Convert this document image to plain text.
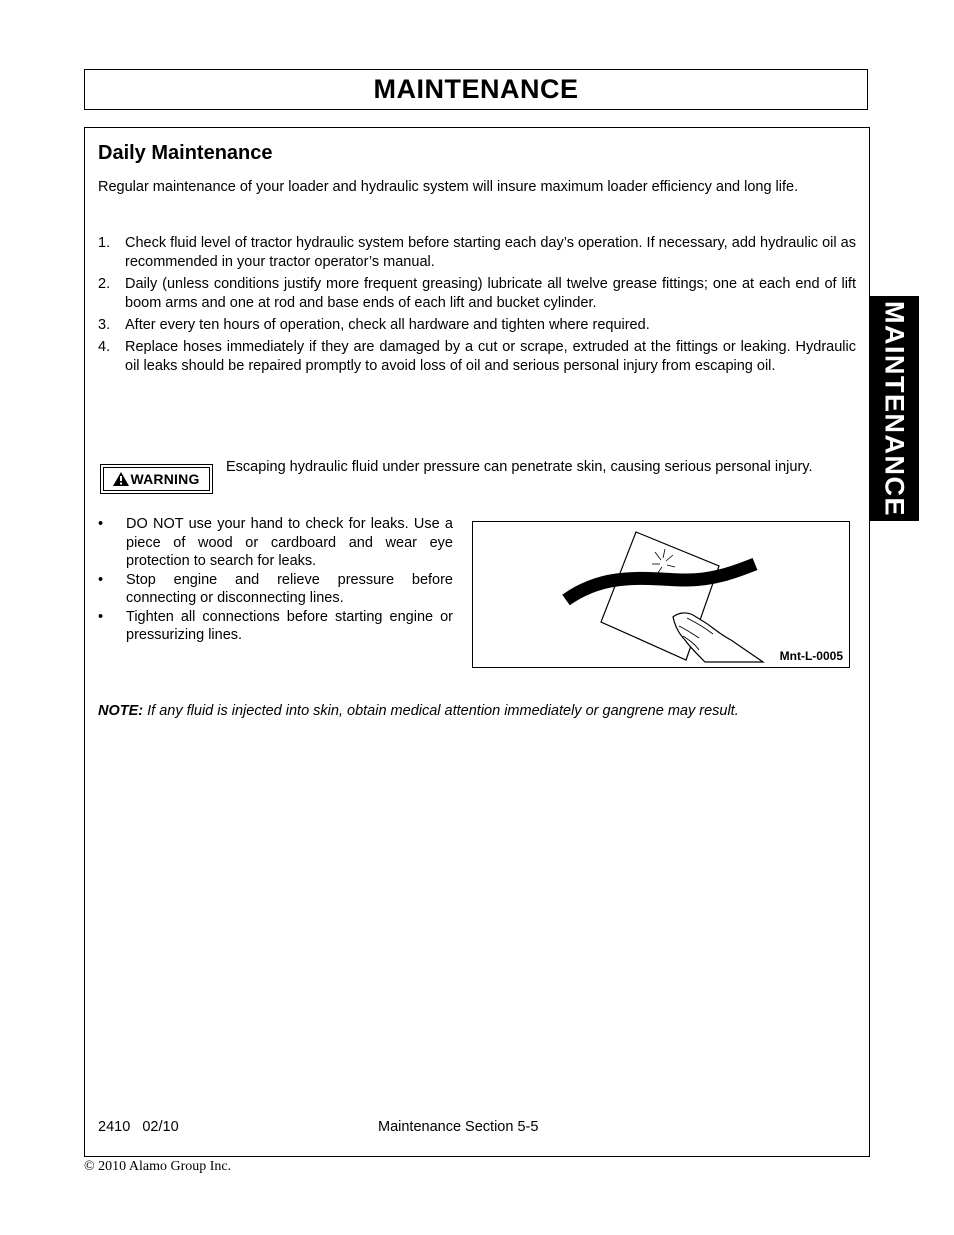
MAINTENANCE
MAINTENANCE
Daily Maintenance

Regular maintenance of your loader and hydraulic system will insure maximum loader efficiency and long life.

1. Check fluid level of tractor hydraulic system before starting each day’s operation. If necessary, add hydraulic oil as recommended in your tractor operator’s manual.
2. Daily (unless conditions justify more frequent greasing) lubricate all twelve grease fittings; one at each end of lift boom arms and one at rod and base ends of each lift and bucket cylinder.
3. After every ten hours of operation, check all hardware and tighten where required.
4. Replace hoses immediately if they are damaged by a cut or scrape, extruded at the fittings or leaking. Hydraulic oil leaks should be repaired promptly to avoid loss of oil and serious personal injury from escaping oil.
WARNING

Escaping hydraulic fluid under pressure can penetrate skin, causing serious personal injury.

• DO NOT use your hand to check for leaks. Use a piece of wood or cardboard and wear eye protection to search for leaks.
• Stop engine and relieve pressure before connecting or disconnecting lines.
• Tighten all connections before starting engine or pressurizing lines.
Mnt-L-0005

NOTE: If any fluid is injected into skin, obtain medical attention immediately or gangrene may result.

2410   02/10	Maintenance Section 5-5
© 2010 Alamo Group Inc.
